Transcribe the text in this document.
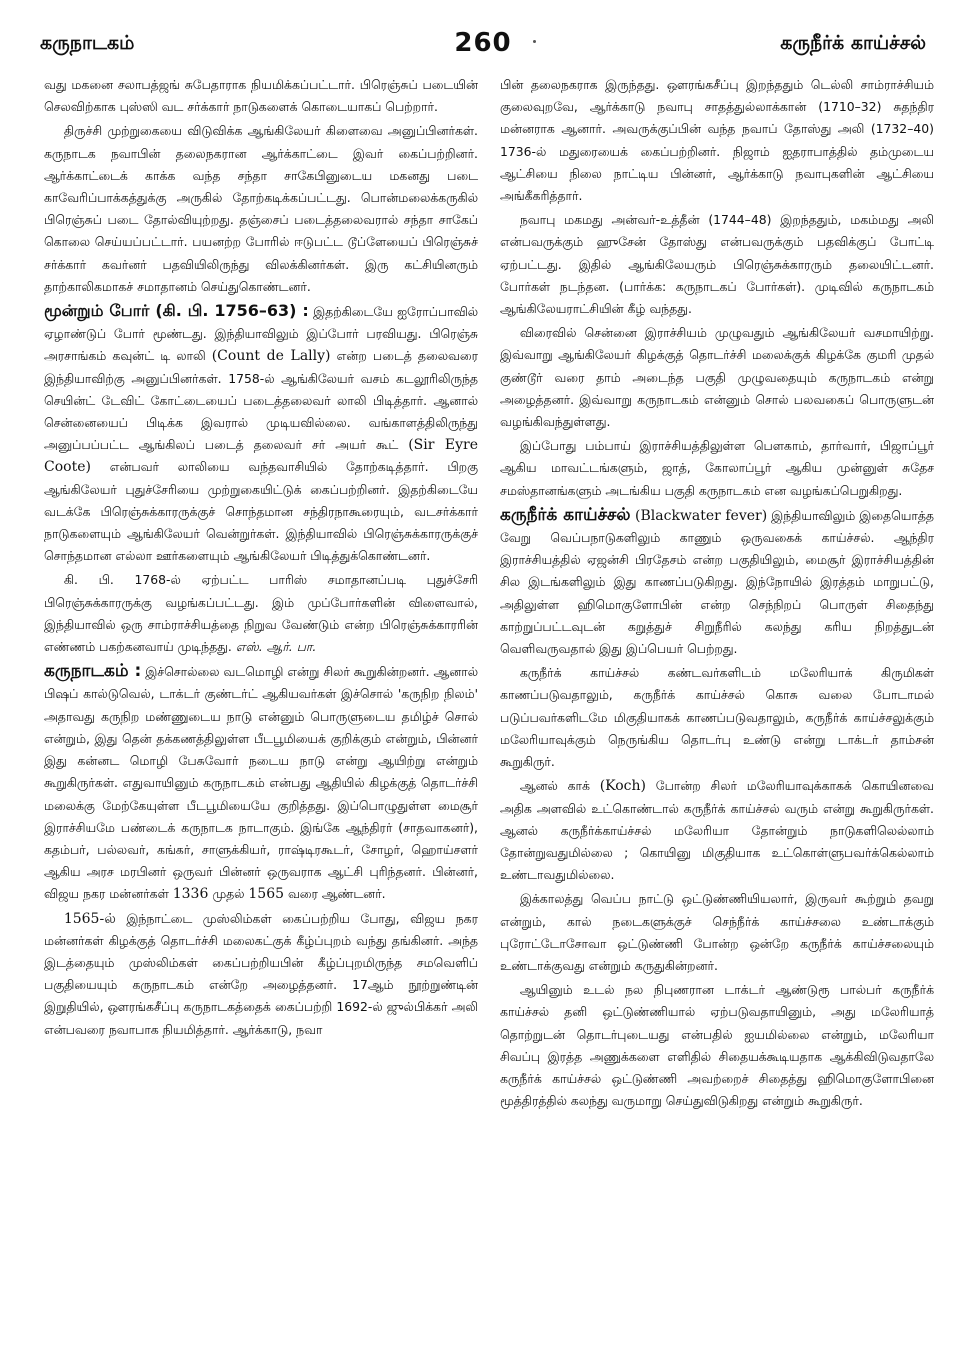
கருநாடகம்	260	கருநீர்க் காய்ச்சல்

வது மகனை சலாபத்ஜங் சுபேதாராக நியமிக்கப்பட்டார். பிரெஞ்சுப் படையின் செலவிற்காக புஸ்ஸி வட சர்க்கார் நாடுகளைக் கொடையாகப் பெற்றார்.

திருச்சி முற்றுகையை விடுவிக்க ஆங்கிலேயர் கிளைவை அனுப்பினர்கள். கருநாடக நவாபின் தலைநகரான ஆர்க்காட்டை இவர் கைப்பற்றினர். ஆர்க்காட்டைக் காக்க வந்த சந்தா சாகேபினுடைய மகனது படை காவேரிப்பாக்கத்துக்கு அருகில் தோற்கடிக்கப்பட்டது. பொன்மலைக்கருகில் பிரெஞ்சுப் படை தோல்வியுற்றது. தஞ்சைப் படைத்தலைவரால் சந்தா சாகேப் கொலை செய்யப்பட்டார். பயனற்ற போரில் ஈடுபட்ட டூப்ளேயைப் பிரெஞ்சுச் சர்க்கார் கவர்னர் பதவியிலிருந்து விலக்கினர்கள். இரு கட்சியினரும் தாற்காலிகமாகச் சமாதானம் செய்துகொண்டனர்.

மூன்றும் போர் (கி. பி. 1756–63) : இதற்கிடையே ஐரோப்பாவில் ஏழாண்டுப் போர் மூண்டது. இந்தியாவிலும் இப்போர் பரவியது. பிரெஞ்சு அரசாங்கம் கவுன்ட் டி லாலி (Count de Lally) என்ற படைத் தலைவரை இந்தியாவிற்கு அனுப்பினர்கள். 1758-ல் ஆங்கிலேயர் வசம் கடலூரிலிருந்த செயின்ட் டேவிட் கோட்டையைப் படைத்தலைவர் லாலி பிடித்தார். ஆனால் சென்னையைப் பிடிக்க இவரால் முடியவில்லை. வங்காளத்திலிருந்து அனுப்பப்பட்ட ஆங்கிலப் படைத் தலைவர் சர் அயர் கூட் (Sir Eyre Coote) என்பவர் லாலியை வந்தவாசியில் தோற்கடித்தார். பிறகு ஆங்கிலேயர் புதுச்சேரியை முற்றுகையிட்டுக் கைப்பற்றினர். இதற்கிடையே வடக்கே பிரெஞ்சுக்காரருக்குச் சொந்தமான சந்திரநாகூரையும், வடசர்க்கார் நாடுகளையும் ஆங்கிலேயர் வென்றுர்கள். இந்தியாவில் பிரெஞ்சுக்காரருக்குச் சொந்தமான எல்லா ஊர்களையும் ஆங்கிலேயர் பிடித்துக்கொண்டனர்.

கி. பி. 1768-ல் ஏற்பட்ட பாரிஸ் சமாதானப்படி புதுச்சேரி பிரெஞ்சுக்காரருக்கு வழங்கப்பட்டது. இம் முப்போர்களின் விளைவால், இந்தியாவில் ஒரு சாம்ராச்சியத்தை நிறுவ வேண்டும் என்ற பிரெஞ்சுக்காரரின் எண்ணம் பகற்கனவாய் முடிந்தது. எஸ். ஆர். பா.

கருநாடகம் : இச்சொல்லை வடமொழி என்று சிலர் கூறுகின்றனர். ஆனால் பிஷப் கால்டுவெல், டாக்டர் குண்டர்ட் ஆகியவர்கள் இச்சொல் 'கருநிற நிலம்' அதாவது கருநிற மண்ணுடைய நாடு என்னும் பொருளுடைய தமிழ்ச் சொல் என்றும், இது தென் தக்கணத்திலுள்ள பீடபூமியைக் குறிக்கும் என்றும், பின்னர் இது கன்னட மொழி பேசுவோர் நடைய நாடு என்று ஆயிற்று என்றும் கூறுகிருர்கள். எதுவாயினும் கருநாடகம் என்பது ஆதியில் கிழக்குத் தொடர்ச்சி மலைக்கு மேற்கேயுள்ள பீடபூமியையே குறித்தது. இப்பொழுதுள்ள மைசூர் இராச்சியமே பண்டைக் கருநாடக நாடாகும். இங்கே ஆந்திரர் (சாதவாகனர்), கதம்பர், பல்லவர், கங்கர், சாளுக்கியர், ராஷ்டிரகூடர், சோழர், ஹொய்சளர் ஆகிய அரச மரபினர் ஒருவர் பின்னர் ஒருவராக ஆட்சி புரிந்தனர். பின்னர், விஜய நகர மன்னர்கள் 1336 முதல் 1565 வரை ஆண்டனர்.

1565-ல் இந்நாட்டை முஸ்லிம்கள் கைப்பற்றிய போது, விஜய நகர மன்னர்கள் கிழக்குத் தொடர்ச்சி மலைகட்குக் கீழ்ப்புறம் வந்து தங்கினர். அந்த இடத்தையும் முஸ்லிம்கள் கைப்பற்றியபின் கீழ்ப்புறமிருந்த சமவெளிப் பகுதியையும் கருநாடகம் என்றே அழைத்தனர். 17ஆம் நூற்றுண்டின் இறுதியில், ஔரங்கசீப்பு கருநாடகத்தைக் கைப்பற்றி 1692-ல் ஜுல்பிக்கர் அலி என்பவரை நவாபாக நியமித்தார். ஆர்க்காடு, நவா

பின் தலைநகராக இருந்தது. ஔரங்கசீப்பு இறந்ததும் டெல்லி சாம்ராச்சியம் குலைவுறவே, ஆர்க்காடு நவாபு சாதத்துல்லாக்கான் (1710–32) சுதந்திர மன்னராக ஆனார். அவருக்குப்பின் வந்த நவாப் தோஸ்து அலி (1732–40) 1736-ல் மதுரையைக் கைப்பற்றினர். நிஜாம் ஐதராபாத்தில் தம்முடைய ஆட்சியை நிலை நாட்டிய பின்னர், ஆர்க்காடு நவாபுகளின் ஆட்சியை அங்கீகரித்தார்.

நவாபு மகமது அன்வர்-உத்தீன் (1744–48) இறந்ததும், மகம்மது அலி என்பவருக்கும் ஹுசேன் தோஸ்து என்பவருக்கும் பதவிக்குப் போட்டி ஏற்பட்டது. இதில் ஆங்கிலேயரும் பிரெஞ்சுக்காரரும் தலையிட்டனர். போர்கள் நடந்தன. (பார்க்க: கருநாடகப் போர்கள்). முடிவில் கருநாடகம் ஆங்கிலேயராட்சியின் கீழ் வந்தது.

விரைவில் சென்னை இராச்சியம் முழுவதும் ஆங்கிலேயர் வசமாயிற்று. இவ்வாறு ஆங்கிலேயர் கிழக்குத் தொடர்ச்சி மலைக்குக் கிழக்கே குமரி முதல் குண்டூர் வரை தாம் அடைந்த பகுதி முழுவதையும் கருநாடகம் என்று அழைத்தனர். இவ்வாறு கருநாடகம் என்னும் சொல் பலவகைப் பொருளுடன் வழங்கிவந்துள்ளது.

இப்போது பம்பாய் இராச்சியத்திலுள்ள பெளகாம், தார்வார், பிஜாப்பூர் ஆகிய மாவட்டங்களும், ஜாத், கோலாப்பூர் ஆகிய முன்னுள் சுதேச சமஸ்தானங்களும் அடங்கிய பகுதி கருநாடகம் என வழங்கப்பெறுகிறது.

கருநீர்க் காய்ச்சல் (Blackwater fever) இந்தியாவிலும் இதையொத்த வேறு வெப்பநாடுகளிலும் காணும் ஒருவகைக் காய்ச்சல். ஆந்திர இராச்சியத்தில் ஏஜன்சி பிரதேசம் என்ற பகுதியிலும், மைசூர் இராச்சியத்தின் சில இடங்களிலும் இது காணப்படுகிறது. இந்நோயில் இரத்தம் மாறுபட்டு, அதிலுள்ள ஹிமொகுளோபின் என்ற செந்நிறப் பொருள் சிதைந்து காற்றுப்பட்டவுடன் கறுத்துச் சிறுநீரில் கலந்து கரிய நிறத்துடன் வெளிவருவதால் இது இப்பெயர் பெற்றது.

கருநீர்க் காய்ச்சல் கண்டவர்களிடம் மலேரியாக் கிருமிகள் காணப்படுவதாலும், கருநீர்க் காய்ச்சல் கொசு வலை போடாமல் படுப்பவர்களிடமே மிகுதியாகக் காணப்படுவதாலும், கருநீர்க் காய்ச்சலுக்கும் மலேரியாவுக்கும் நெருங்கிய தொடர்பு உண்டு என்று டாக்டர் தாம்சன் கூறுகிருர்.

ஆனல் காக் (Koch) போன்ற சிலர் மலேரியாவுக்காகக் கொயினவை அதிக அளவில் உட்கொண்டால் கருநீர்க் காய்ச்சல் வரும் என்று கூறுகிருர்கள். ஆனல் கருநீர்க்காய்ச்சல் மலேரியா தோன்றும் நாடுகளிலெல்லாம் தோன்றுவதுமில்லை ; கொயினு மிகுதியாக உட்கொள்ளுபவர்க்கெல்லாம் உண்டாவதுமில்லை.

இக்காலத்து வெப்ப நாட்டு ஒட்டுண்ணியியலார், இருவர் கூற்றும் தவறு என்றும், கால் நடைகளுக்குச் செந்நீர்க் காய்ச்சலை உண்டாக்கும் புரோட்டோசோவா ஒட்டுண்ணி போன்ற ஒன்றே கருநீர்க் காய்ச்சலையும் உண்டாக்குவது என்றும் கருதுகின்றனர்.

ஆயினும் உடல் நல நிபுணரான டாக்டர் ஆண்டுரூ பால்பர் கருநீர்க் காய்ச்சல் தனி ஒட்டுண்ணியால் ஏற்படுவதாயினும், அது மலேரியாத் தொற்றுடன் தொடர்புடையது என்பதில் ஐயமில்லை என்றும், மலேரியா சிவப்பு இரத்த அணுக்களை எளிதில் சிதையக்கூடியதாக ஆக்கிவிடுவதாலே கருநீர்க் காய்ச்சல் ஒட்டுண்ணி அவற்றைச் சிதைத்து ஹிமொகுளோபினை மூத்திரத்தில் கலந்து வருமாறு செய்துவிடுகிறது என்றும் கூறுகிருர்.
